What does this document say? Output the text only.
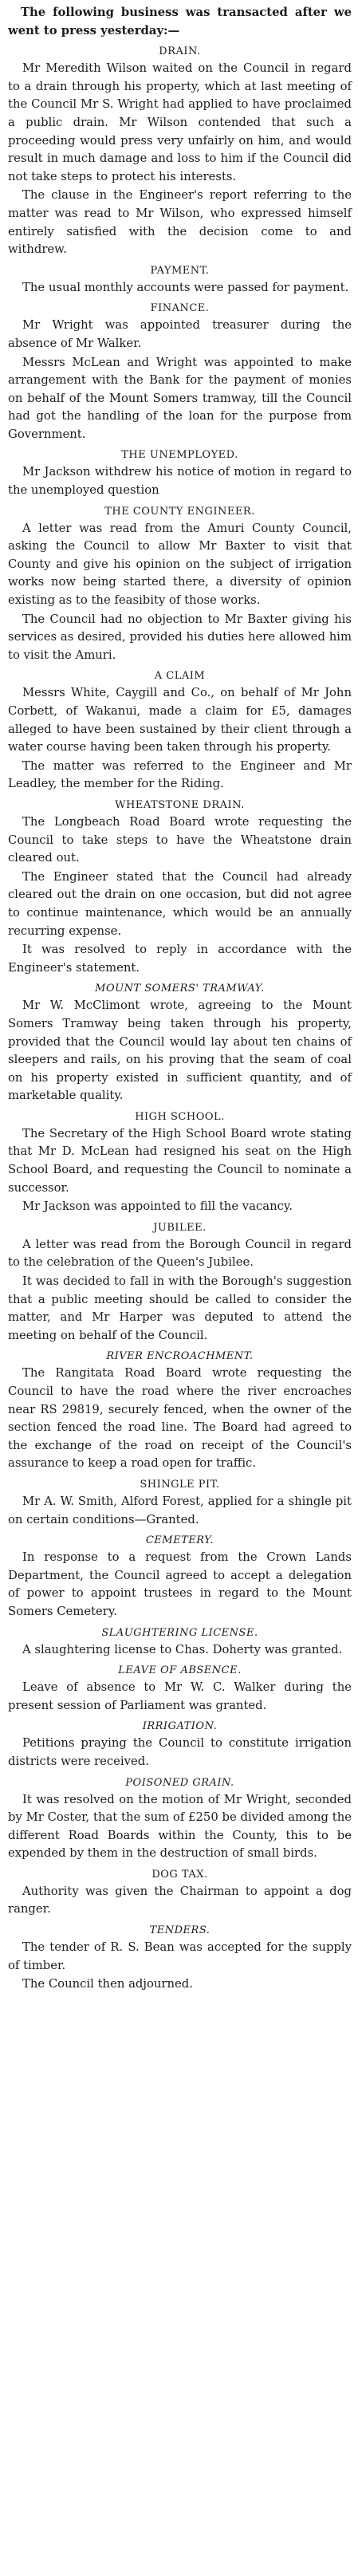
The following business was transacted after we went to press yesterday:—

DRAIN.

Mr Meredith Wilson waited on the Council in regard to a drain through his property, which at last meeting of the Council Mr S. Wright had applied to have proclaimed a public drain. Mr Wilson contended that such a proceeding would press very unfairly on him, and would result in much damage and loss to him if the Council did not take steps to protect his interests.

The clause in the Engineer's report referring to the matter was read to Mr Wilson, who expressed himself entirely satisfied with the decision come to and withdrew.

PAYMENT.

The usual monthly accounts were passed for payment.

FINANCE.

Mr Wright was appointed treasurer during the absence of Mr Walker.

Messrs McLean and Wright was appointed to make arrangement with the Bank for the payment of monies on behalf of the Mount Somers tramway, till the Council had got the handling of the loan for the purpose from Government.

THE UNEMPLOYED.

Mr Jackson withdrew his notice of motion in regard to the unemployed question

THE COUNTY ENGINEER.

A letter was read from the Amuri County Council, asking the Council to allow Mr Baxter to visit that County and give his opinion on the subject of irrigation works now being started there, a diversity of opinion existing as to the feasibity of those works.

The Council had no objection to Mr Baxter giving his services as desired, provided his duties here allowed him to visit the Amuri.

A CLAIM

Messrs White, Caygill and Co., on behalf of Mr John Corbett, of Wakanui, made a claim for £5, damages alleged to have been sustained by their client through a water course having been taken through his property.

The matter was referred to the Engineer and Mr Leadley, the member for the Riding.

WHEATSTONE DRAIN.

The Longbeach Road Board wrote requesting the Council to take steps to have the Wheatstone drain cleared out.

The Engineer stated that the Council had already cleared out the drain on one occasion, but did not agree to continue maintenance, which would be an annually recurring expense.

It was resolved to reply in accordance with the Engineer's statement.

MOUNT SOMERS' TRAMWAY.

Mr W. McClimont wrote, agreeing to the Mount Somers Tramway being taken through his property, provided that the Council would lay about ten chains of sleepers and rails, on his proving that the seam of coal on his property existed in sufficient quantity, and of marketable quality.

HIGH SCHOOL.

The Secretary of the High School Board wrote stating that Mr D. McLean had resigned his seat on the High School Board, and requesting the Council to nominate a successor.

Mr Jackson was appointed to fill the vacancy.

JUBILEE.

A letter was read from the Borough Council in regard to the celebration of the Queen's Jubilee.

It was decided to fall in with the Borough's suggestion that a public meeting should be called to consider the matter, and Mr Harper was deputed to attend the meeting on behalf of the Council.

RIVER ENCROACHMENT.

The Rangitata Road Board wrote requesting the Council to have the road where the river encroaches near RS 29819, securely fenced, when the owner of the section fenced the road line. The Board had agreed to the exchange of the road on receipt of the Council's assurance to keep a road open for traffic.

SHINGLE PIT.

Mr A. W. Smith, Alford Forest, applied for a shingle pit on certain conditions—Granted.

CEMETERY.

In response to a request from the Crown Lands Department, the Council agreed to accept a delegation of power to appoint trustees in regard to the Mount Somers Cemetery.

SLAUGHTERING LICENSE.

A slaughtering license to Chas. Doherty was granted.

LEAVE OF ABSENCE.

Leave of absence to Mr W. C. Walker during the present session of Parliament was granted.

IRRIGATION.

Petitions praying the Council to constitute irrigation districts were received.

POISONED GRAIN.

It was resolved on the motion of Mr Wright, seconded by Mr Coster, that the sum of £250 be divided among the different Road Boards within the County, this to be expended by them in the destruction of small birds.

DOG TAX.

Authority was given the Chairman to appoint a dog ranger.

TENDERS.

The tender of R. S. Bean was accepted for the supply of timber.

The Council then adjourned.
